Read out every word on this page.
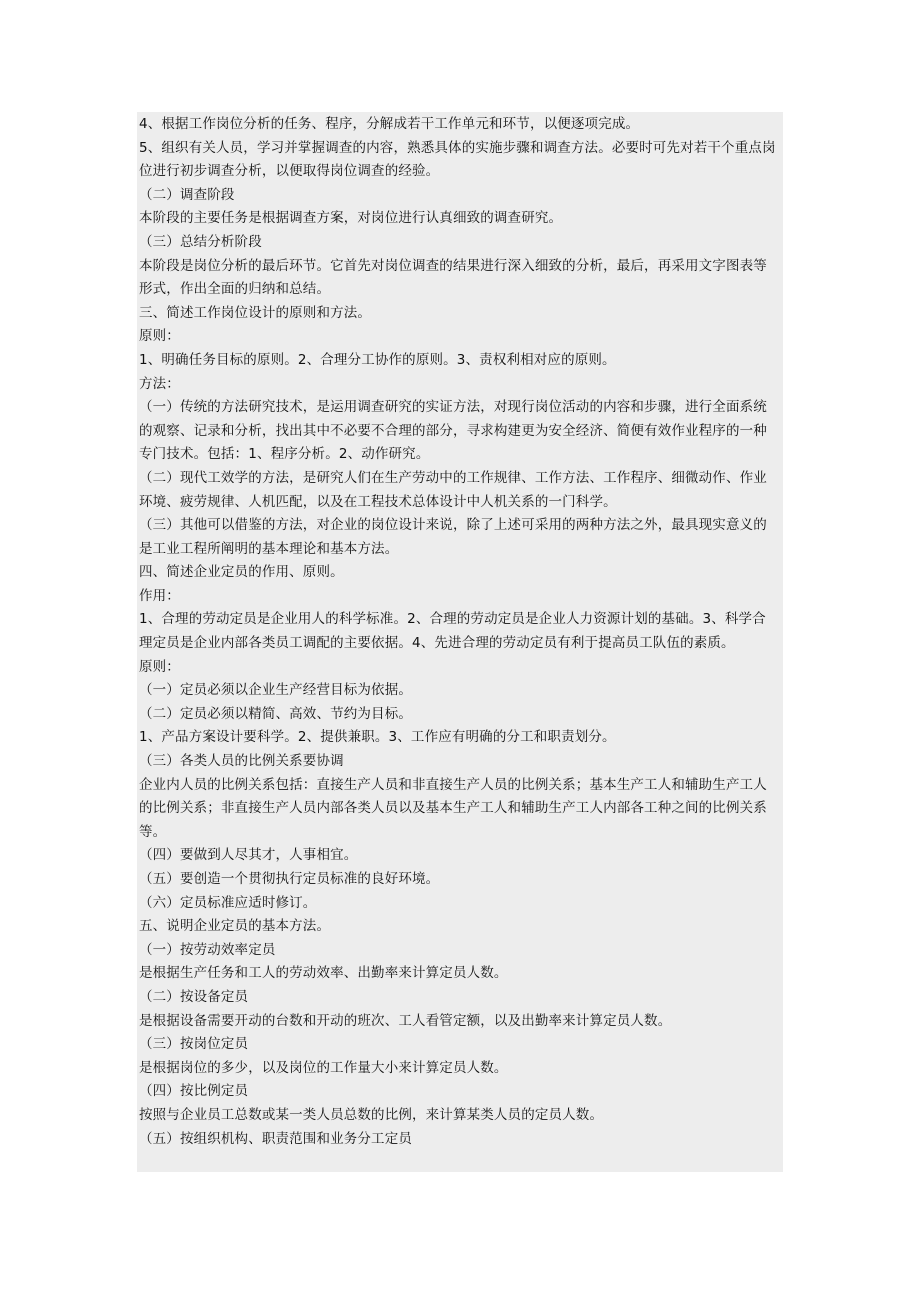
4、根据工作岗位分析的任务、程序，分解成若干工作单元和环节，以便逐项完成。
5、组织有关人员，学习并掌握调查的内容，熟悉具体的实施步骤和调查方法。必要时可先对若干个重点岗
位进行初步调查分析，以便取得岗位调查的经验。
（二）调查阶段
本阶段的主要任务是根据调查方案，对岗位进行认真细致的调查研究。
（三）总结分析阶段
本阶段是岗位分析的最后环节。它首先对岗位调查的结果进行深入细致的分析，最后，再采用文字图表等
形式，作出全面的归纳和总结。
三、简述工作岗位设计的原则和方法。
原则：
1、明确任务目标的原则。2、合理分工协作的原则。3、责权利相对应的原则。
方法：
（一）传统的方法研究技术，是运用调查研究的实证方法，对现行岗位活动的内容和步骤，进行全面系统
的观察、记录和分析，找出其中不必要不合理的部分，寻求构建更为安全经济、简便有效作业程序的一种
专门技术。包括：1、程序分析。2、动作研究。
（二）现代工效学的方法，是研究人们在生产劳动中的工作规律、工作方法、工作程序、细微动作、作业
环境、疲劳规律、人机匹配，以及在工程技术总体设计中人机关系的一门科学。
（三）其他可以借鉴的方法，对企业的岗位设计来说，除了上述可采用的两种方法之外，最具现实意义的
是工业工程所阐明的基本理论和基本方法。
四、简述企业定员的作用、原则。
作用：
1、合理的劳动定员是企业用人的科学标准。2、合理的劳动定员是企业人力资源计划的基础。3、科学合
理定员是企业内部各类员工调配的主要依据。4、先进合理的劳动定员有利于提高员工队伍的素质。
原则：
（一）定员必须以企业生产经营目标为依据。
（二）定员必须以精简、高效、节约为目标。
1、产品方案设计要科学。2、提供兼职。3、工作应有明确的分工和职责划分。
（三）各类人员的比例关系要协调
企业内人员的比例关系包括：直接生产人员和非直接生产人员的比例关系；基本生产工人和辅助生产工人
的比例关系；非直接生产人员内部各类人员以及基本生产工人和辅助生产工人内部各工种之间的比例关系
等。
（四）要做到人尽其才，人事相宜。
（五）要创造一个贯彻执行定员标准的良好环境。
（六）定员标准应适时修订。
五、说明企业定员的基本方法。
（一）按劳动效率定员
是根据生产任务和工人的劳动效率、出勤率来计算定员人数。
（二）按设备定员
是根据设备需要开动的台数和开动的班次、工人看管定额，以及出勤率来计算定员人数。
（三）按岗位定员
是根据岗位的多少，以及岗位的工作量大小来计算定员人数。
（四）按比例定员
按照与企业员工总数或某一类人员总数的比例，来计算某类人员的定员人数。
（五）按组织机构、职责范围和业务分工定员
